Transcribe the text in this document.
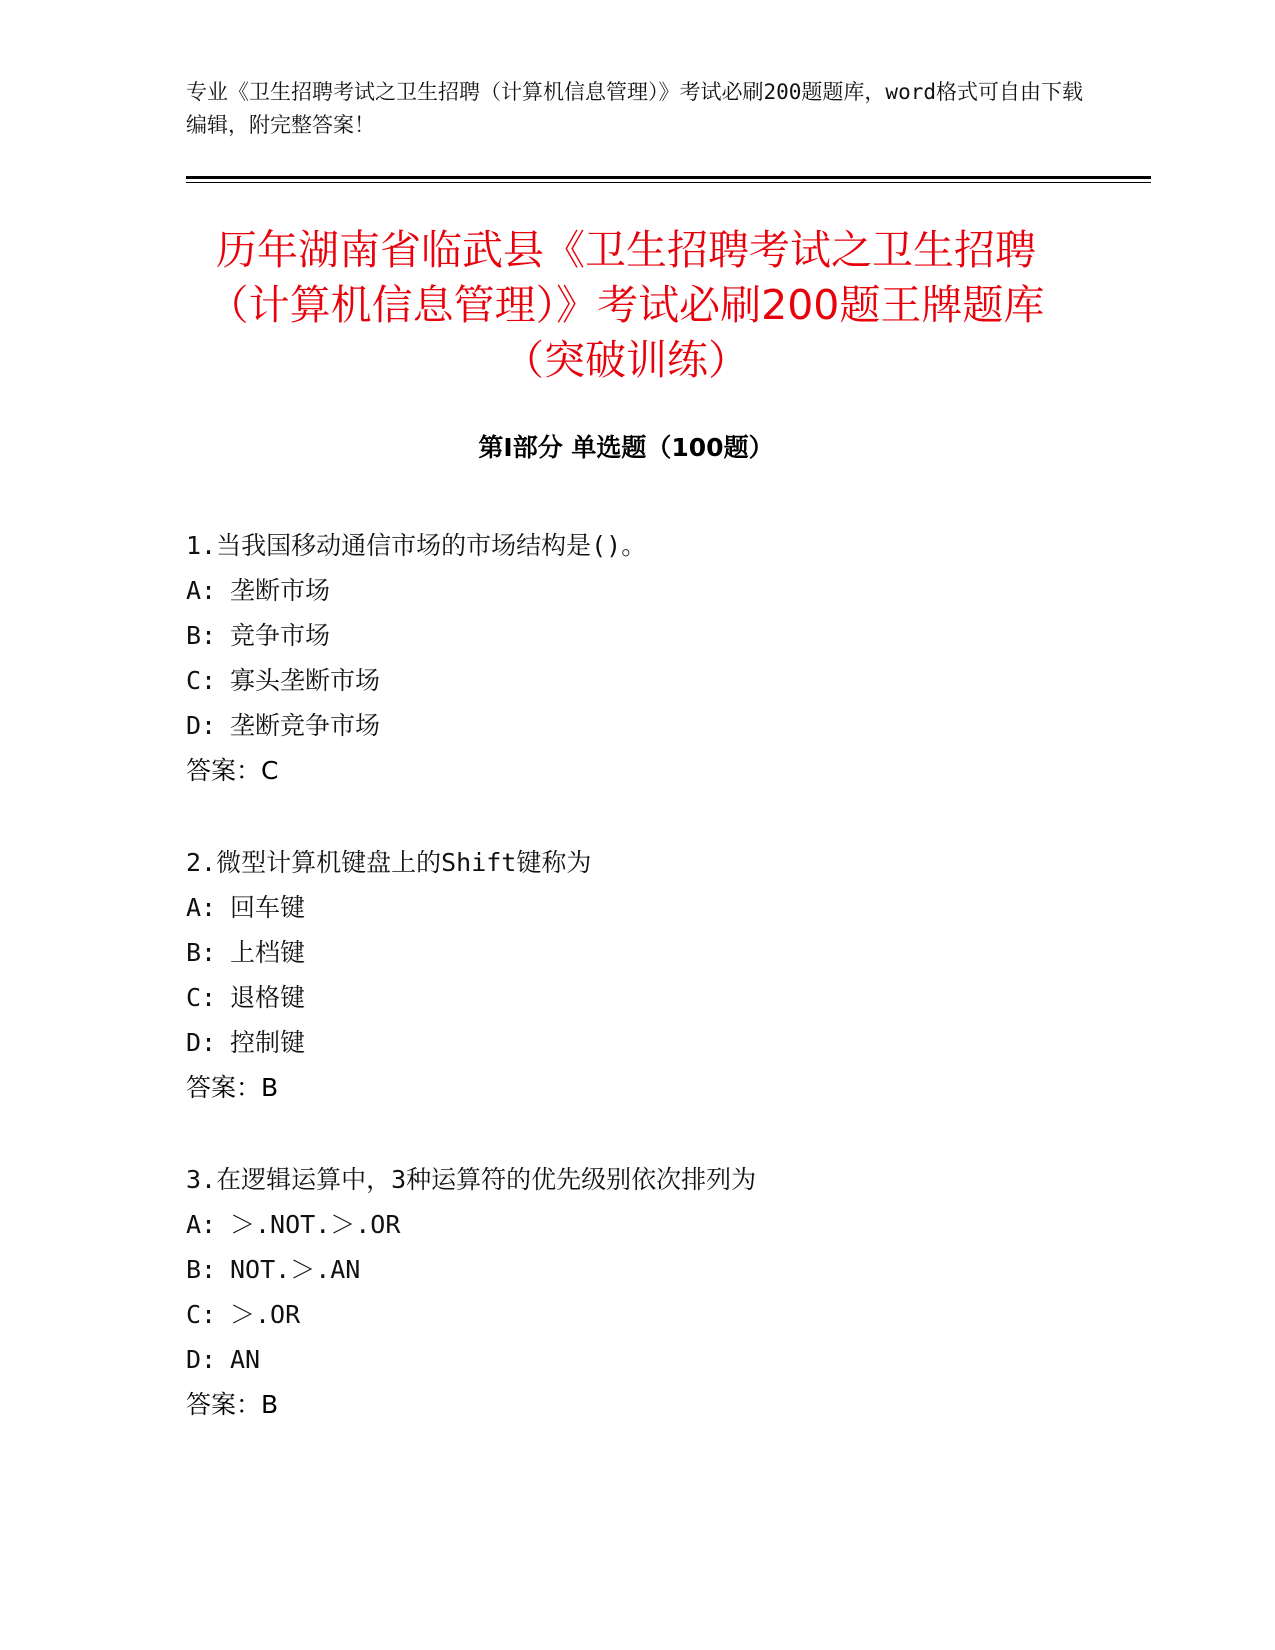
专业《卫生招聘考试之卫生招聘（计算机信息管理）》考试必刷200题题库，word格式可自由下载编辑，附完整答案！
历年湖南省临武县《卫生招聘考试之卫生招聘（计算机信息管理）》考试必刷200题王牌题库（突破训练）
第I部分 单选题（100题）
1.当我国移动通信市场的市场结构是()。
A: 垄断市场
B: 竞争市场
C: 寡头垄断市场
D: 垄断竞争市场
答案：C
2.微型计算机键盘上的Shift键称为
A: 回车键
B: 上档键
C: 退格键
D: 控制键
答案：B
3.在逻辑运算中，3种运算符的优先级别依次排列为
A: ＞.NOT.＞.OR
B: NOT.＞.AN
C: ＞.OR
D: AN
答案：B
